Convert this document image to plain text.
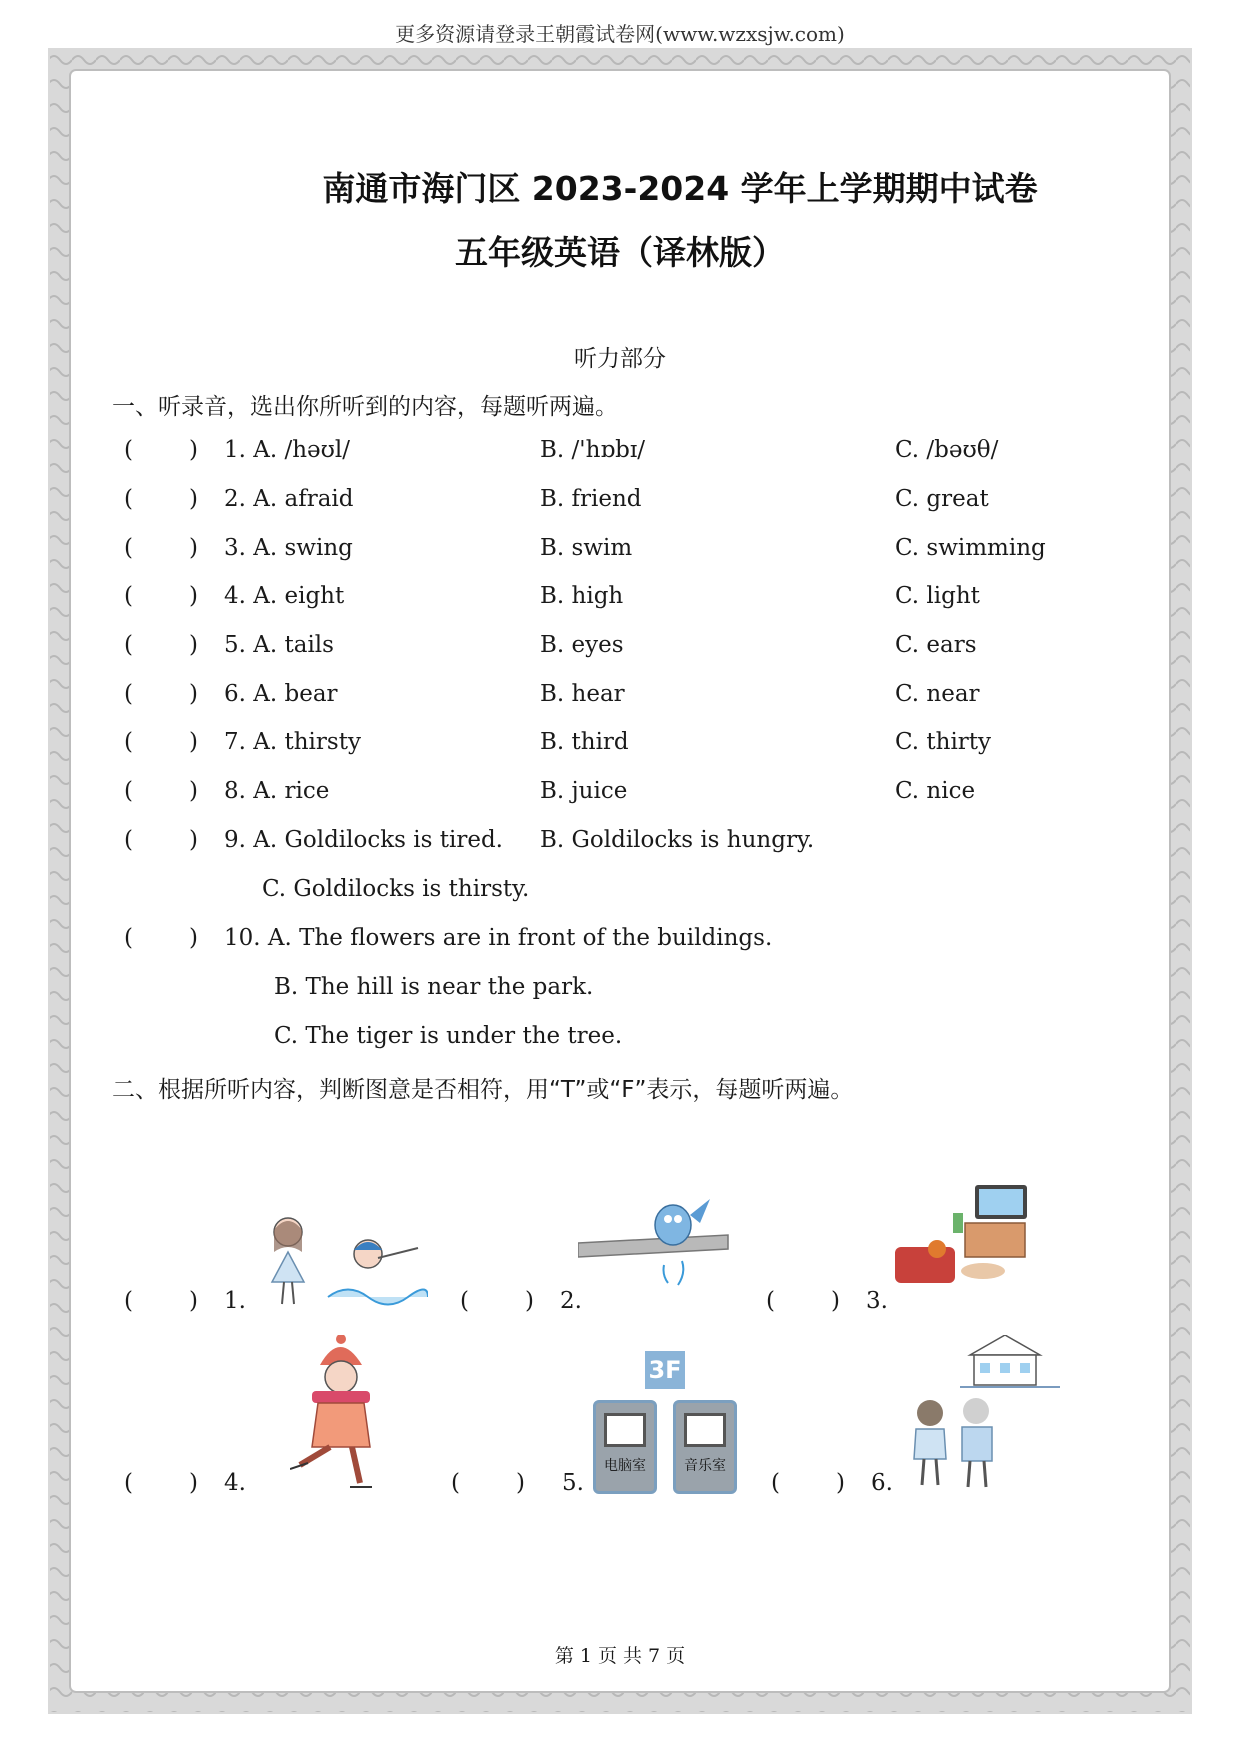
更多资源请登录王朝霞试卷网(www.wzxsjw.com)
南通市海门区 2023-2024 学年上学期期中试卷
五年级英语（译林版）
听力部分
一、听录音，选出你所听到的内容，每题听两遍。
( ) 1. A. /həʊl/	B. /'hɒbɪ/	C. /bəʊθ/
( ) 2. A. afraid	B. friend	C. great
( ) 3. A. swing	B. swim	C. swimming
( ) 4. A. eight	B. high	C. light
( ) 5. A. tails	B. eyes	C. ears
( ) 6. A. bear	B. hear	C. near
( ) 7. A. thirsty	B. third	C. thirty
( ) 8. A. rice	B. juice	C. nice
( ) 9. A. Goldilocks is tired. B. Goldilocks is hungry.
C. Goldilocks is thirsty.
( ) 10. A. The flowers are in front of the buildings.
B. The hill is near the park.
C. The tiger is under the tree.
二、根据所听内容，判断图意是否相符，用“T”或“F”表示，每题听两遍。
( ) 1.	( ) 2.	( ) 3.
( ) 4.	( ) 5.	( ) 6.
3F
电脑室	音乐室
第 1 页 共 7 页
